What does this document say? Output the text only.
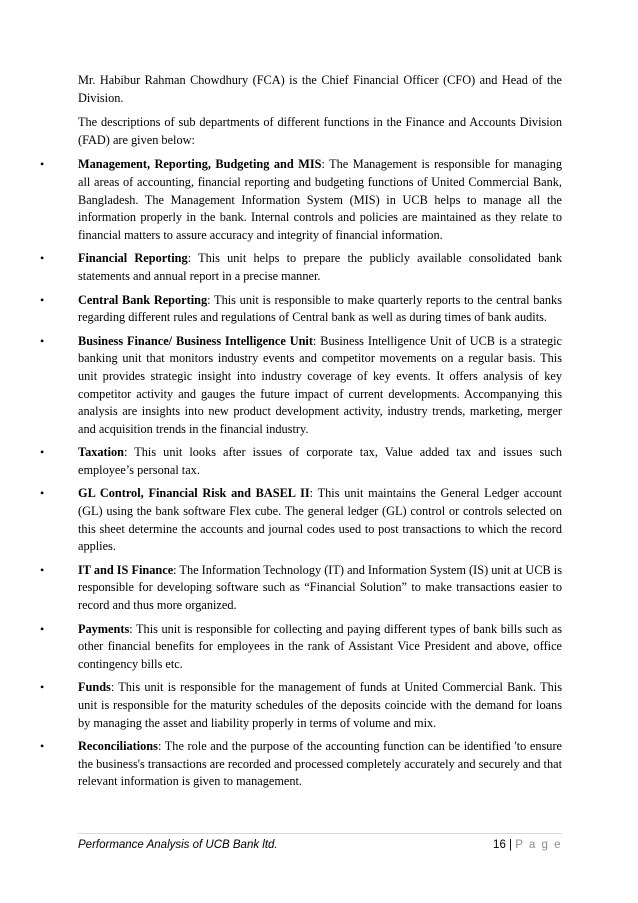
Mr. Habibur Rahman Chowdhury (FCA) is the Chief Financial Officer (CFO) and Head of the Division.

The descriptions of sub departments of different functions in the Finance and Accounts Division (FAD) are given below:

•	Management, Reporting, Budgeting and MIS: The Management is responsible for managing all areas of accounting, financial reporting and budgeting functions of United Commercial Bank, Bangladesh. The Management Information System (MIS) in UCB helps to manage all the information properly in the bank. Internal controls and policies are maintained as they relate to financial matters to assure accuracy and integrity of financial information.
•	Financial Reporting: This unit helps to prepare the publicly available consolidated bank statements and annual report in a precise manner.
•	Central Bank Reporting: This unit is responsible to make quarterly reports to the central banks regarding different rules and regulations of Central bank as well as during times of bank audits.
•	Business Finance/ Business Intelligence Unit: Business Intelligence Unit of UCB is a strategic banking unit that monitors industry events and competitor movements on a regular basis. This unit provides strategic insight into industry coverage of key events. It offers analysis of key competitor activity and gauges the future impact of current developments. Accompanying this analysis are insights into new product development activity, industry trends, marketing, merger and acquisition trends in the financial industry.
•	Taxation: This unit looks after issues of corporate tax, Value added tax and issues such employee’s personal tax.
•	GL Control, Financial Risk and BASEL II: This unit maintains the General Ledger account (GL) using the bank software Flex cube. The general ledger (GL) control or controls selected on this sheet determine the accounts and journal codes used to post transactions to which the record applies.
•	IT and IS Finance: The Information Technology (IT) and Information System (IS) unit at UCB is responsible for developing software such as “Financial Solution” to make transactions easier to record and thus more organized.
•	Payments: This unit is responsible for collecting and paying different types of bank bills such as other financial benefits for employees in the rank of Assistant Vice President and above, office contingency bills etc.
•	Funds: This unit is responsible for the management of funds at United Commercial Bank. This unit is responsible for the maturity schedules of the deposits coincide with the demand for loans by managing the asset and liability properly in terms of volume and mix.
•	Reconciliations: The role and the purpose of the accounting function can be identified 'to ensure the business's transactions are recorded and processed completely accurately and securely and that relevant information is given to management.
Performance Analysis of UCB Bank ltd.	16 | P a g e
